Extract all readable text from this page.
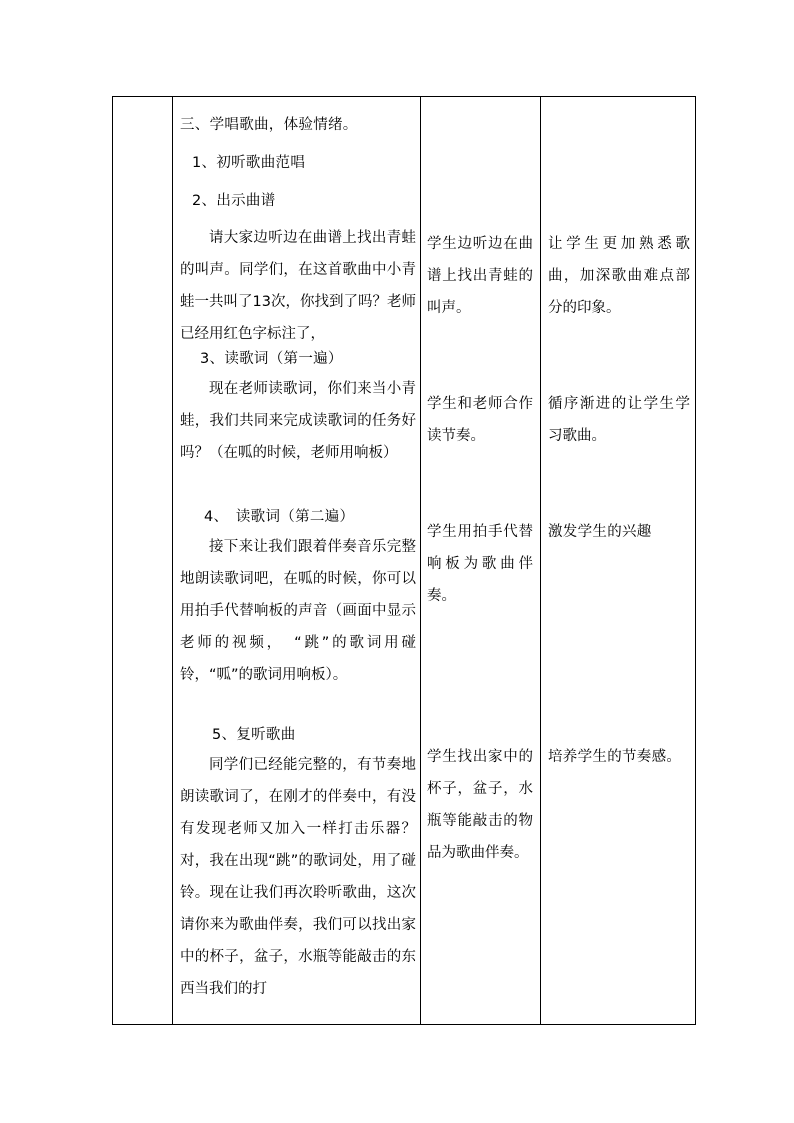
三、学唱歌曲，体验情绪。
1、初听歌曲范唱
2、出示曲谱
请大家边听边在曲谱上找出青蛙的叫声。同学们，在这首歌曲中小青蛙一共叫了13次，你找到了吗？老师已经用红色字标注了，
3、读歌词（第一遍）
现在老师读歌词，你们来当小青蛙，我们共同来完成读歌词的任务好吗？（在呱的时候，老师用响板）
4、　读歌词（第二遍）
接下来让我们跟着伴奏音乐完整地朗读歌词吧，在呱的时候，你可以用拍手代替响板的声音（画面中显示老师的视频，　“跳”的歌词用碰铃，“呱”的歌词用响板）。
5、复听歌曲
同学们已经能完整的，有节奏地朗读歌词了，在刚才的伴奏中，有没有发现老师又加入一样打击乐器？对，我在出现“跳”的歌词处，用了碰铃。现在让我们再次聆听歌曲，这次请你来为歌曲伴奏，我们可以找出家中的杯子，盆子，水瓶等能敲击的东西当我们的打
学生边听边在曲谱上找出青蛙的叫声。
学生和老师合作读节奏。
学生用拍手代替响板为歌曲伴奏。
学生找出家中的杯子，盆子，水瓶等能敲击的物品为歌曲伴奏。
让学生更加熟悉歌曲，加深歌曲难点部分的印象。
循序渐进的让学生学习歌曲。
激发学生的兴趣
培养学生的节奏感。
